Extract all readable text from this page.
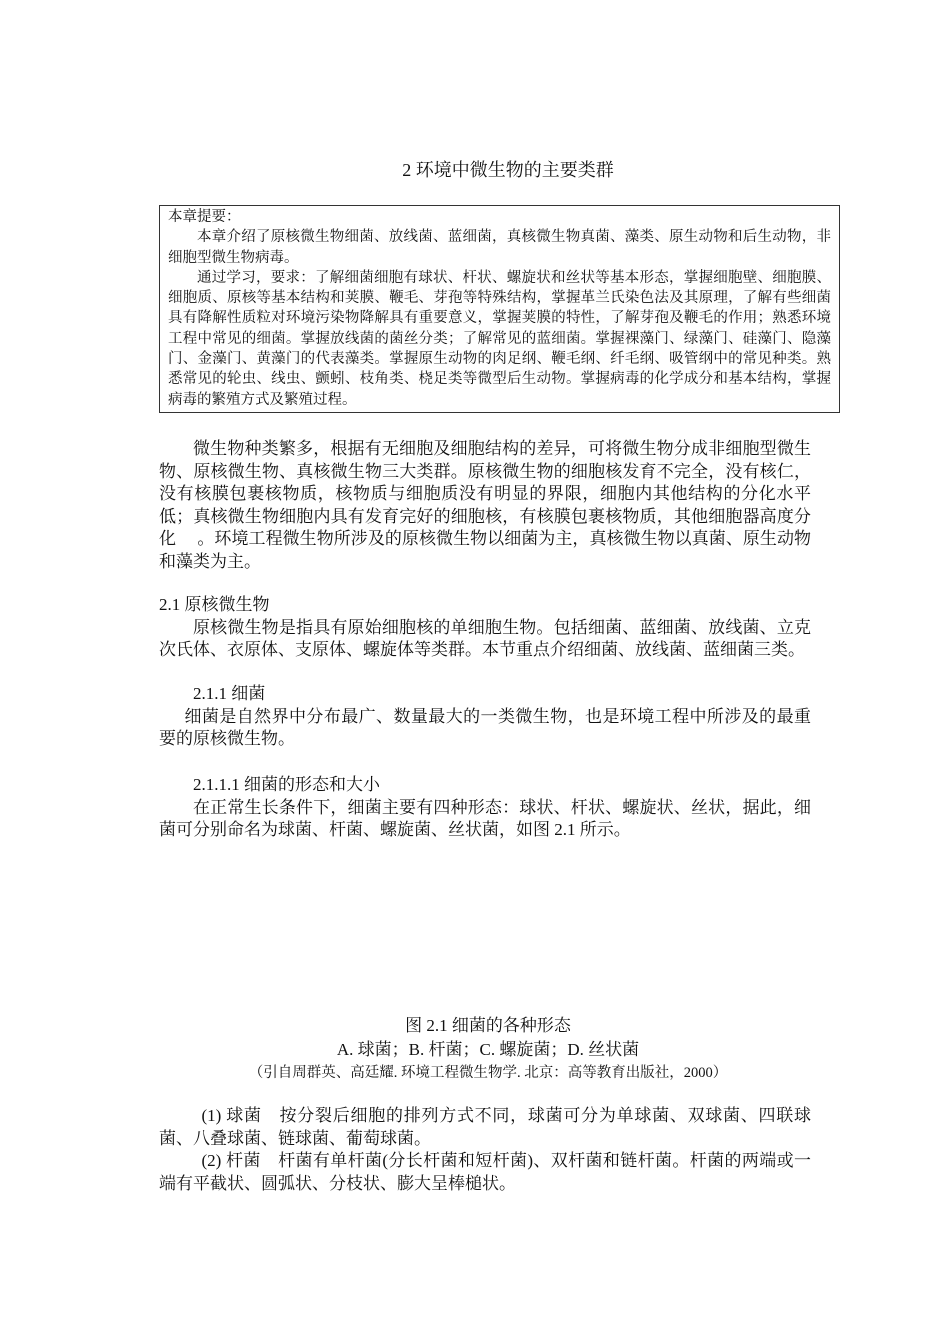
2 环境中微生物的主要类群

本章提要：

本章介绍了原核微生物细菌、放线菌、蓝细菌，真核微生物真菌、藻类、原生动物和后生动物，非细胞型微生物病毒。

通过学习，要求：了解细菌细胞有球状、杆状、螺旋状和丝状等基本形态，掌握细胞壁、细胞膜、细胞质、原核等基本结构和荚膜、鞭毛、芽孢等特殊结构，掌握革兰氏染色法及其原理，了解有些细菌具有降解性质粒对环境污染物降解具有重要意义，掌握荚膜的特性，了解芽孢及鞭毛的作用；熟悉环境工程中常见的细菌。掌握放线菌的菌丝分类；了解常见的蓝细菌。掌握裸藻门、绿藻门、硅藻门、隐藻门、金藻门、黄藻门的代表藻类。掌握原生动物的肉足纲、鞭毛纲、纤毛纲、吸管纲中的常见种类。熟悉常见的轮虫、线虫、颤蚓、枝角类、桡足类等微型后生动物。掌握病毒的化学成分和基本结构，掌握病毒的繁殖方式及繁殖过程。

微生物种类繁多，根据有无细胞及细胞结构的差异，可将微生物分成非细胞型微生物、原核微生物、真核微生物三大类群。原核微生物的细胞核发育不完全，没有核仁，没有核膜包裹核物质，核物质与细胞质没有明显的界限，细胞内其他结构的分化水平低；真核微生物细胞内具有发育完好的细胞核，有核膜包裹核物质，其他细胞器高度分化 　。环境工程微生物所涉及的原核微生物以细菌为主，真核微生物以真菌、原生动物和藻类为主。

2.1 原核微生物

原核微生物是指具有原始细胞核的单细胞生物。包括细菌、蓝细菌、放线菌、立克次氏体、衣原体、支原体、螺旋体等类群。本节重点介绍细菌、放线菌、蓝细菌三类。

2.1.1 细菌

细菌是自然界中分布最广、数量最大的一类微生物，也是环境工程中所涉及的最重要的原核微生物。

2.1.1.1 细菌的形态和大小

在正常生长条件下，细菌主要有四种形态：球状、杆状、螺旋状、丝状，据此，细菌可分别命名为球菌、杆菌、螺旋菌、丝状菌，如图 2.1 所示。

图 2.1 细菌的各种形态
A. 球菌；B. 杆菌；C. 螺旋菌；D. 丝状菌
（引自周群英、高廷耀. 环境工程微生物学. 北京：高等教育出版社，2000）

(1) 球菌　 按分裂后细胞的排列方式不同，球菌可分为单球菌、双球菌、四联球菌、八叠球菌、链球菌、葡萄球菌。

(2) 杆菌　 杆菌有单杆菌(分长杆菌和短杆菌)、双杆菌和链杆菌。杆菌的两端或一端有平截状、圆弧状、分枝状、膨大呈棒槌状。
